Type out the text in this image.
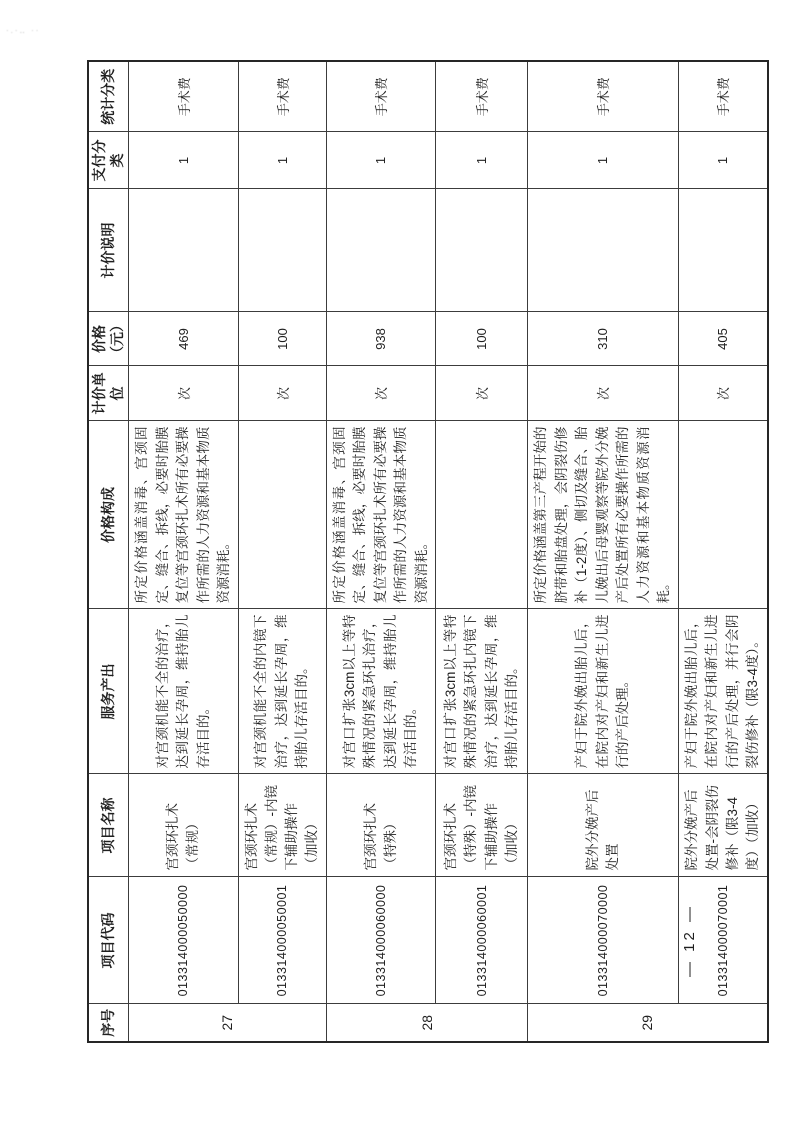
·.·‥ ··
序号	项目代码	项目名称	服务产出	价格构成	计价单位	价格（元）	计价说明	支付分类	统计分类
27	013314000050000	宫颈环扎术（常规）	对宫颈机能不全的治疗，达到延长孕周，维持胎儿存活目的。	所定价格涵盖消毒、宫颈固定、缝合、拆线，必要时胎膜复位等宫颈环扎术所有必要操作所需的人力资源和基本物质资源消耗。	次	469		1	手术费
	013314000050001	宫颈环扎术（常规）-内镜下辅助操作（加收）	对宫颈机能不全的内镜下治疗，达到延长孕周，维持胎儿存活目的。		次	100		1	手术费
28	013314000060000	宫颈环扎术（特殊）	对宫口扩张3cm以上等特殊情况的紧急环扎治疗，达到延长孕周，维持胎儿存活目的。	所定价格涵盖消毒、宫颈固定、缝合、拆线，必要时胎膜复位等宫颈环扎术所有必要操作所需的人力资源和基本物质资源消耗。	次	938		1	手术费
	013314000060001	宫颈环扎术（特殊）-内镜下辅助操作（加收）	对宫口扩张3cm以上等特殊情况的紧急环扎内镜下治疗，达到延长孕周，维持胎儿存活目的。		次	100		1	手术费
29	013314000070000	院外分娩产后处置	产妇于院外娩出胎儿后，在院内对产妇和新生儿进行的产后处理。	所定价格涵盖第三产程开始的脐带和胎盘处理，会阴裂伤修补（1-2度）、侧切及缝合、胎儿娩出后母婴观察等院外分娩产后处置所有必要操作所需的人力资源和基本物质资源消耗。	次	310		1	手术费
	013314000070001	院外分娩产后处置-会阴裂伤修补（限3-4度）（加收）	产妇于院外娩出胎儿后，在院内对产妇和新生儿进行的产后处理，并行会阴裂伤修补（限3-4度）。		次	405		1	手术费
— 12 —
